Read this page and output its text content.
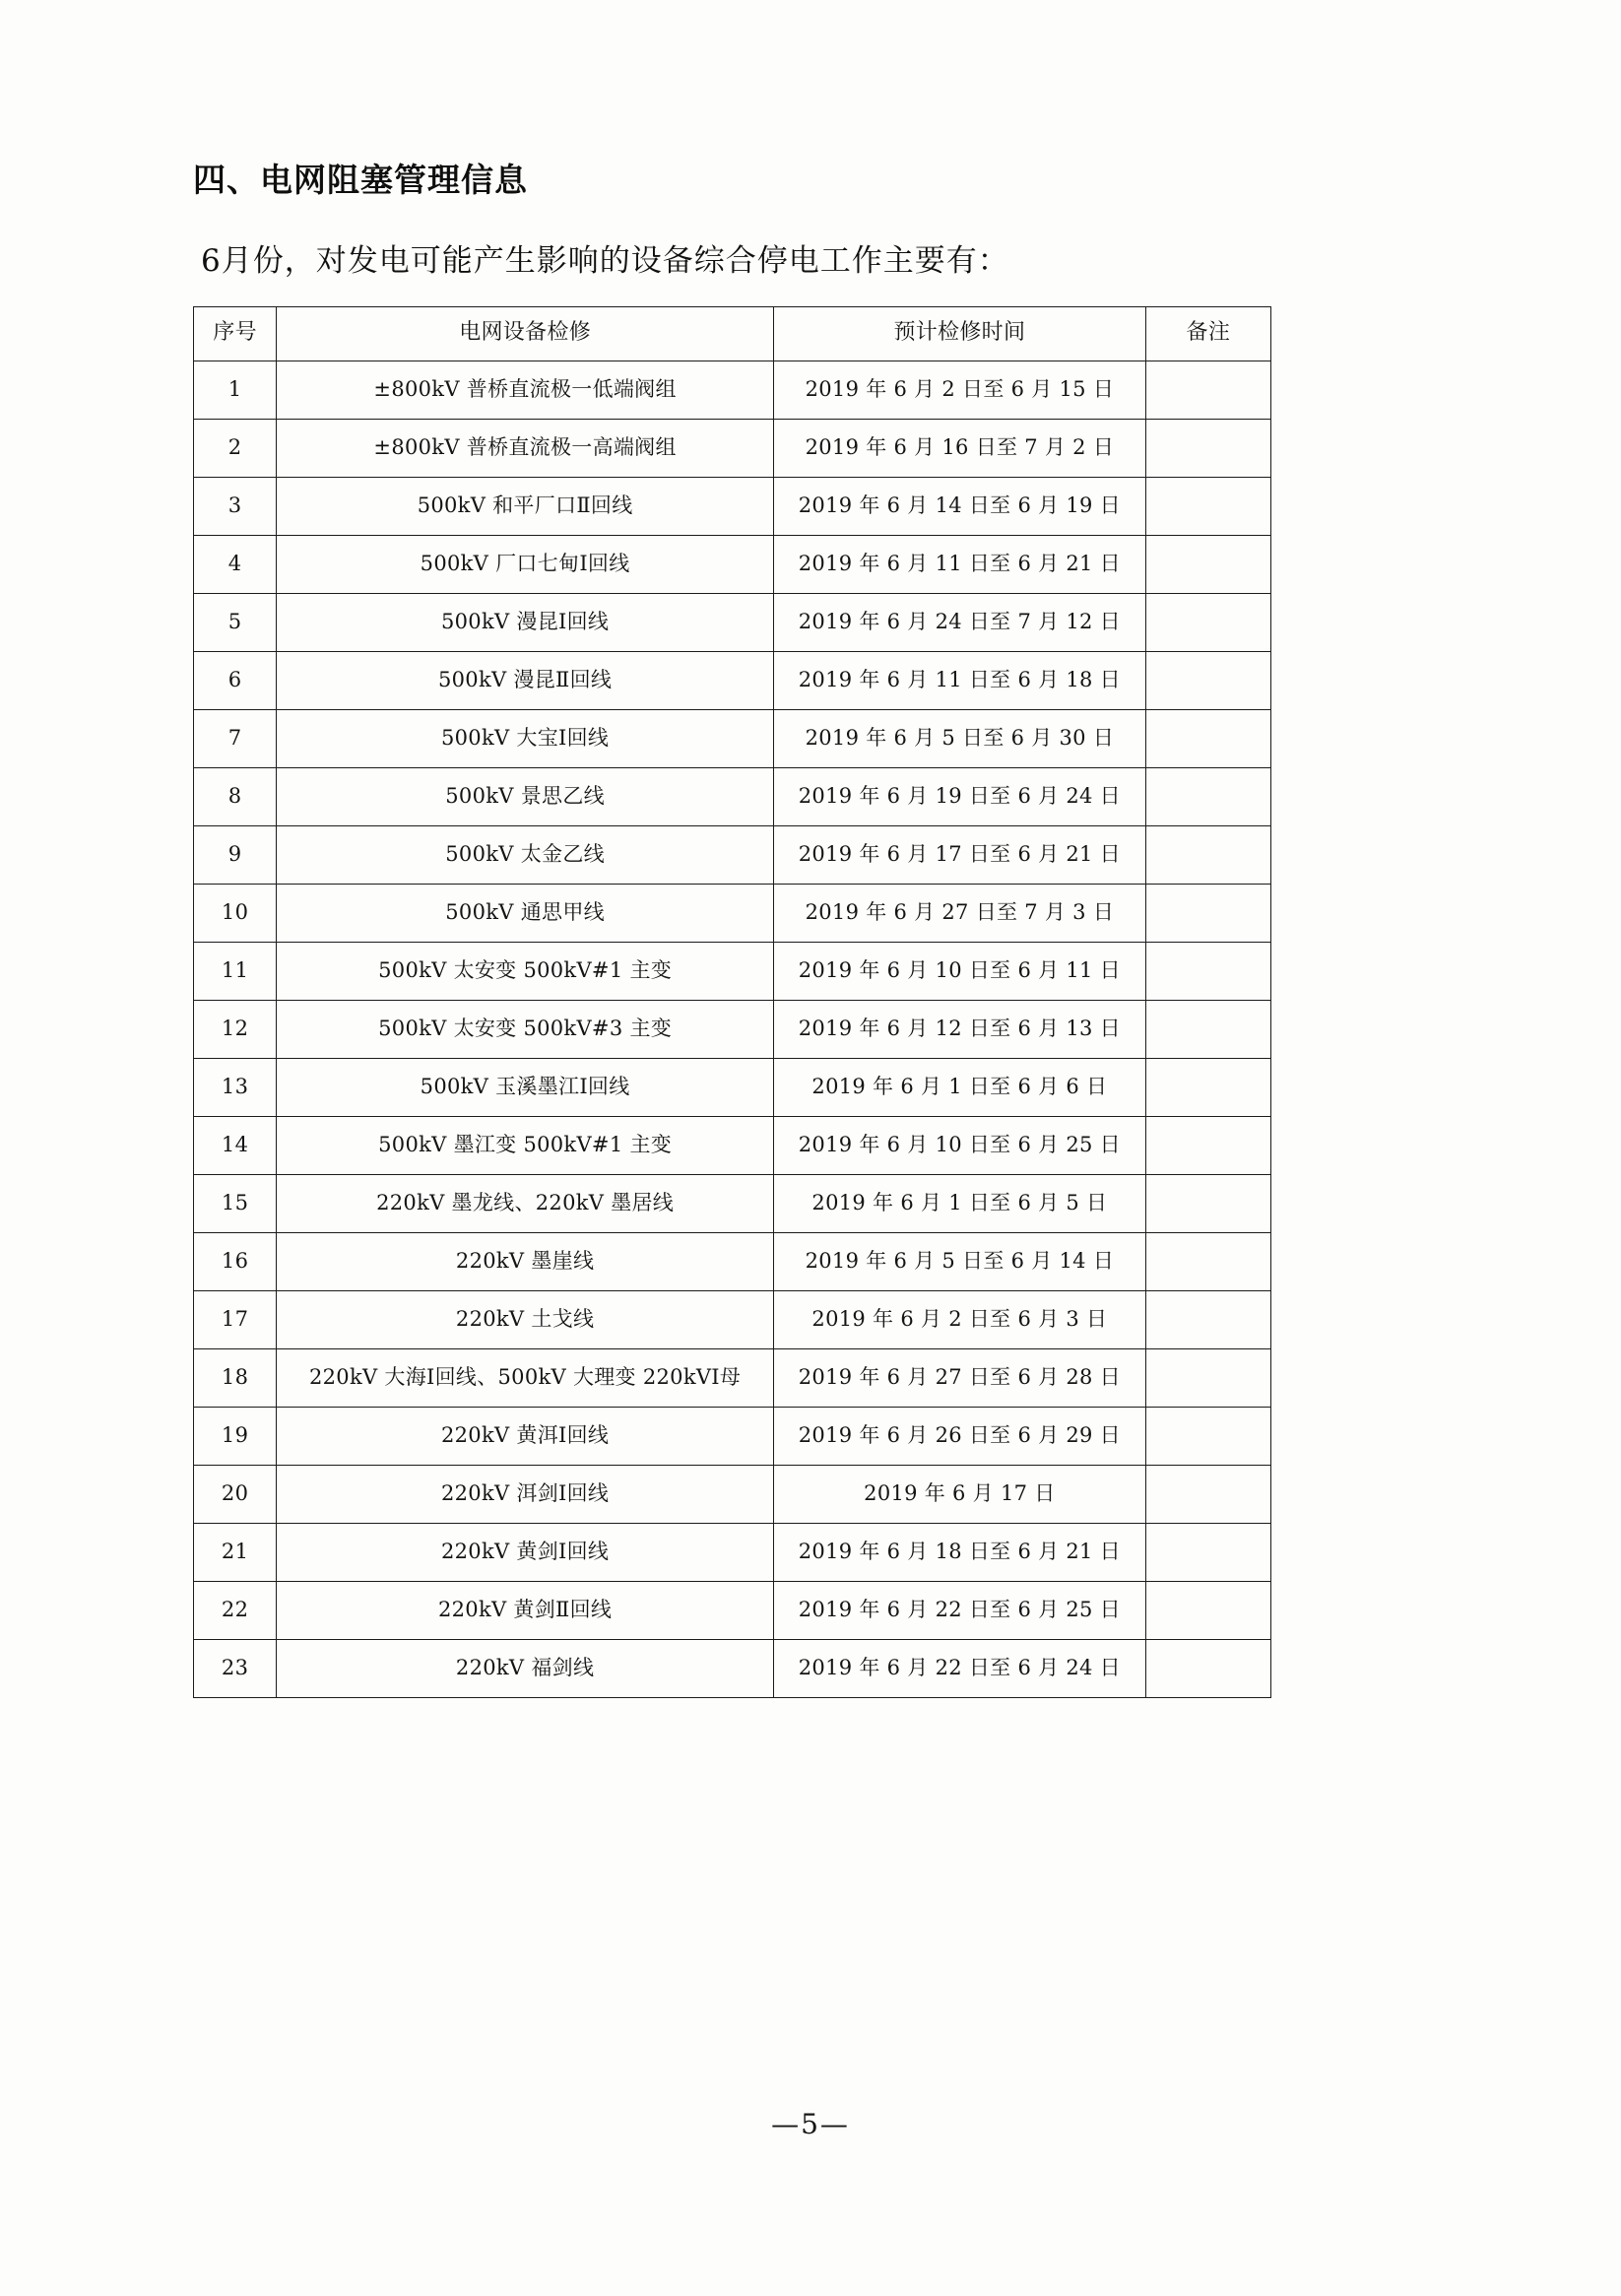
四、电网阻塞管理信息

6月份，对发电可能产生影响的设备综合停电工作主要有：

序号	电网设备检修	预计检修时间	备注
1	±800kV 普桥直流极一低端阀组	2019 年 6 月 2 日至 6 月 15 日	
2	±800kV 普桥直流极一高端阀组	2019 年 6 月 16 日至 7 月 2 日	
3	500kV 和平厂口Ⅱ回线	2019 年 6 月 14 日至 6 月 19 日	
4	500kV 厂口七甸Ⅰ回线	2019 年 6 月 11 日至 6 月 21 日	
5	500kV 漫昆Ⅰ回线	2019 年 6 月 24 日至 7 月 12 日	
6	500kV 漫昆Ⅱ回线	2019 年 6 月 11 日至 6 月 18 日	
7	500kV 大宝Ⅰ回线	2019 年 6 月 5 日至 6 月 30 日	
8	500kV 景思乙线	2019 年 6 月 19 日至 6 月 24 日	
9	500kV 太金乙线	2019 年 6 月 17 日至 6 月 21 日	
10	500kV 通思甲线	2019 年 6 月 27 日至 7 月 3 日	
11	500kV 太安变 500kV#1 主变	2019 年 6 月 10 日至 6 月 11 日	
12	500kV 太安变 500kV#3 主变	2019 年 6 月 12 日至 6 月 13 日	
13	500kV 玉溪墨江Ⅰ回线	2019 年 6 月 1 日至 6 月 6 日	
14	500kV 墨江变 500kV#1 主变	2019 年 6 月 10 日至 6 月 25 日	
15	220kV 墨龙线、220kV 墨居线	2019 年 6 月 1 日至 6 月 5 日	
16	220kV 墨崖线	2019 年 6 月 5 日至 6 月 14 日	
17	220kV 土戈线	2019 年 6 月 2 日至 6 月 3 日	
18	220kV 大海Ⅰ回线、500kV 大理变 220kVⅠ母	2019 年 6 月 27 日至 6 月 28 日	
19	220kV 黄洱Ⅰ回线	2019 年 6 月 26 日至 6 月 29 日	
20	220kV 洱剑Ⅰ回线	2019 年 6 月 17 日	
21	220kV 黄剑Ⅰ回线	2019 年 6 月 18 日至 6 月 21 日	
22	220kV 黄剑Ⅱ回线	2019 年 6 月 22 日至 6 月 25 日	
23	220kV 福剑线	2019 年 6 月 22 日至 6 月 24 日	
—5—
